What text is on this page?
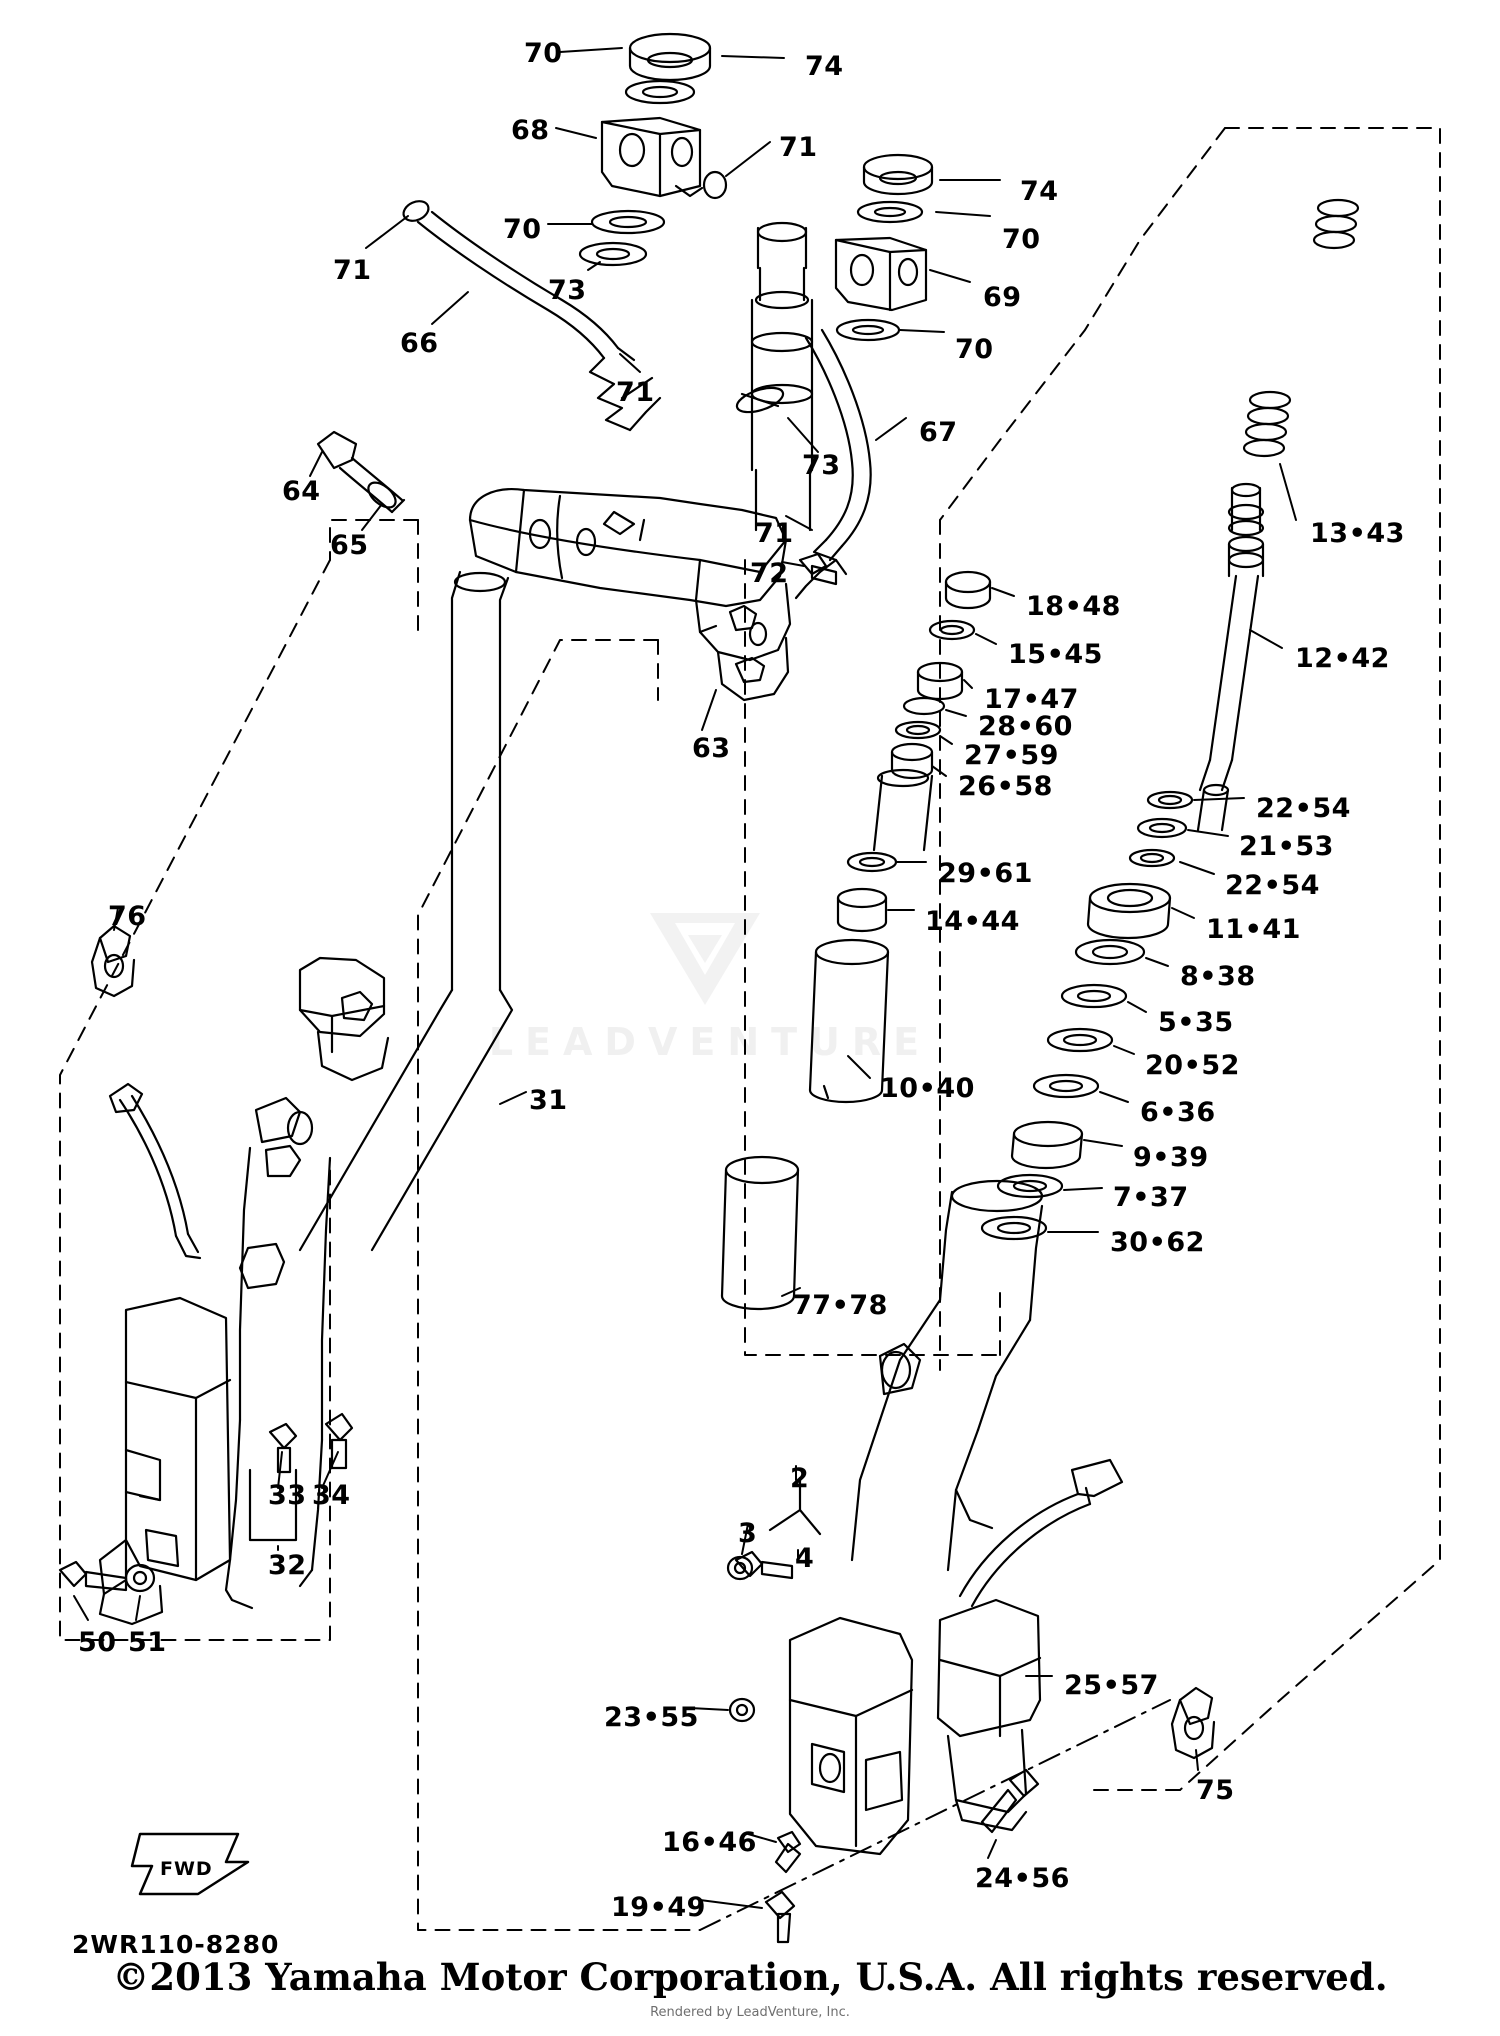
LEADVENTURE
FWD
2WR110-8280
©2013 Yamaha Motor Corporation, U.S.A. All rights reserved.
Rendered by LeadVenture, Inc.
70	74
68
71
74
70	70
71
73	69
66	70
71
67
73
64
13•43
65	71
72
12•42
18•48
15•45
17•47
28•60
27•59
26•58
63
22•54
21•53
22•54
29•61
14•44	11•41
8•38
5•35
20•52
10•40
6•36
9•39
7•37
30•62
31
76
77•78
2
3
4
33 34
32
25•57
50 51
23•55
75
16•46
24•56
19•49
